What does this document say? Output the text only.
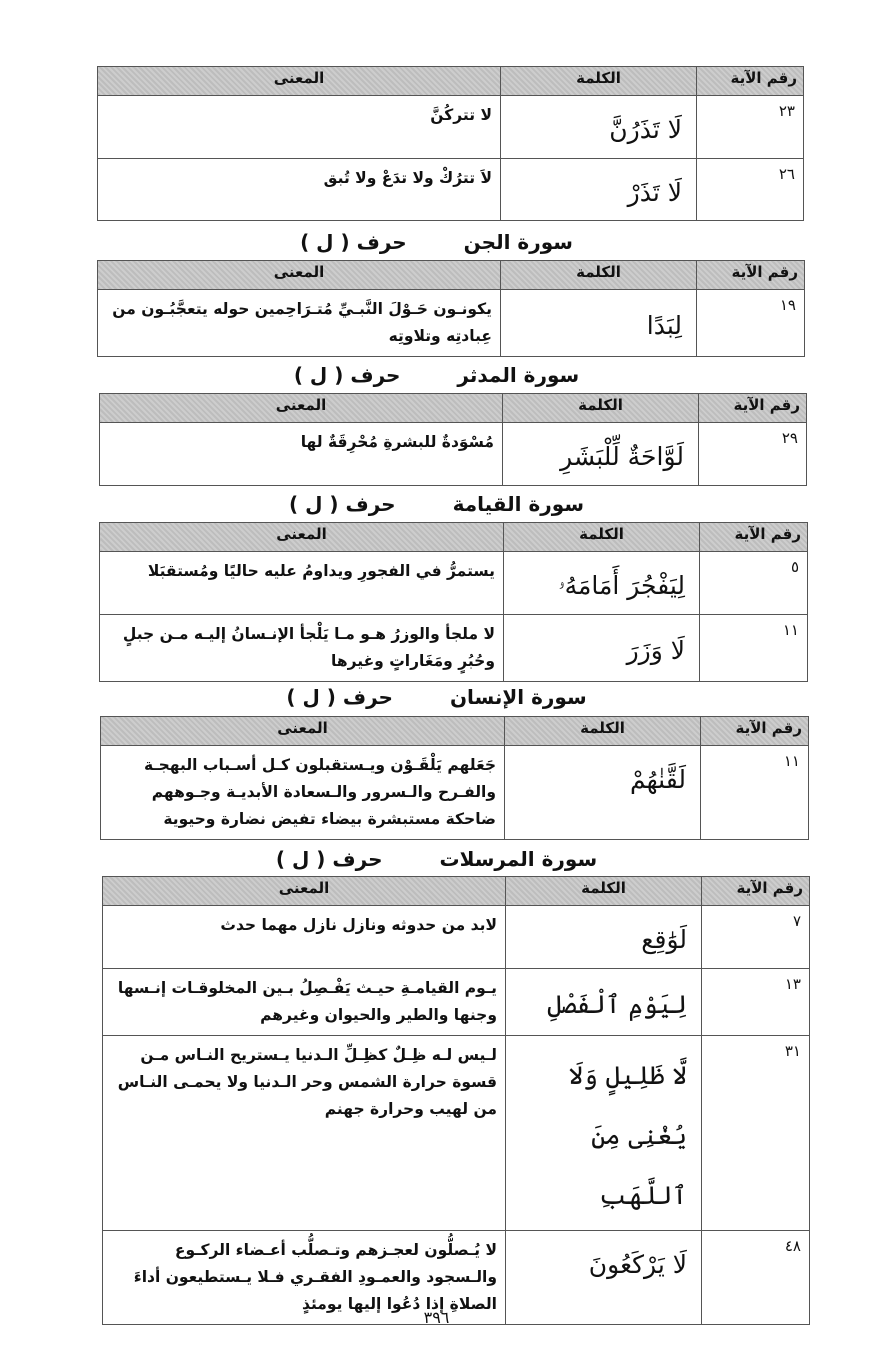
رقم الآية	الكلمة	المعنى
٢٣	لَا تَذَرُنَّ	لا تتركُنَّ
٢٦	لَا تَذَرْ	لاَ تترُكْ ولا تدَعْ ولا تُبق
سورة الجن حرف ( ل )
رقم الآية	الكلمة	المعنى
١٩	لِبَدًا	يكونـون حَـوْلَ النَّبـيِّ مُتـرَاحِمين حوله يتعجَّبُـون من عِبادتِه وتلاوتِه
سورة المدثر حرف ( ل )
رقم الآية	الكلمة	المعنى
٢٩	لَوَّاحَةٌ لِّلْبَشَرِ	مُسْوَدةٌ للبشرةِ مُحْرِقَةٌ لها
سورة القيامة حرف ( ل )
رقم الآية	الكلمة	المعنى
٥	لِيَفْجُرَ أَمَامَهُۥ	يستمرُّ في الفجورِ ويداومُ عليه حاليًا ومُستقبَلا
١١	لَا وَزَرَ	لا ملجأ والوزرُ هـو مـا يَلْجأ الإنـسانُ إليـه مـن جبلٍ وحُبُرٍ ومَغَاراتٍ وغيرها
سورة الإنسان حرف ( ل )
رقم الآية	الكلمة	المعنى
١١	لَقَّنٰهُمْ	جَعَلهم يَلْقَـوْن ويـستقبلون كـل أسـباب البهجـة والفـرح والـسرور والـسعادة الأبديـة وجـوههم ضاحكة مستبشرة بيضاء تفيض نضارة وحيوية
سورة المرسلات حرف ( ل )
رقم الآية	الكلمة	المعنى
٧	لَوَٰقِع	لابد من حدوثه ونازل نازل مهما حدث
١٣	لِيَوْمِ ٱلْفَصْلِ	يـوم القيامـةِ حيـث يَفْـصِلُ بـين المخلوقـات إنـسها وجنها والطير والحيوان وغيرهم
٣١	لَّا ظَلِيلٍ وَلَا يُغْنِى مِنَ ٱللَّهَبِ	لـيس لـه ظِـلٌ كظِـلِّ الـدنيا يـستريح النـاس مـن قسوة حرارة الشمس وحر الـدنيا ولا يحمـى النـاس من لهيب وحرارة جهنم
٤٨	لَا يَرْكَعُونَ	لا يُـصلُّون لعجـزهم وتـصلُّب أعـضاء الركـوع والـسجود والعمـودِ الفقـري فـلا يـستطيعون أداءَ الصلاةِ إذا دُعُوا إليها يومئذٍ
٣٩٦
